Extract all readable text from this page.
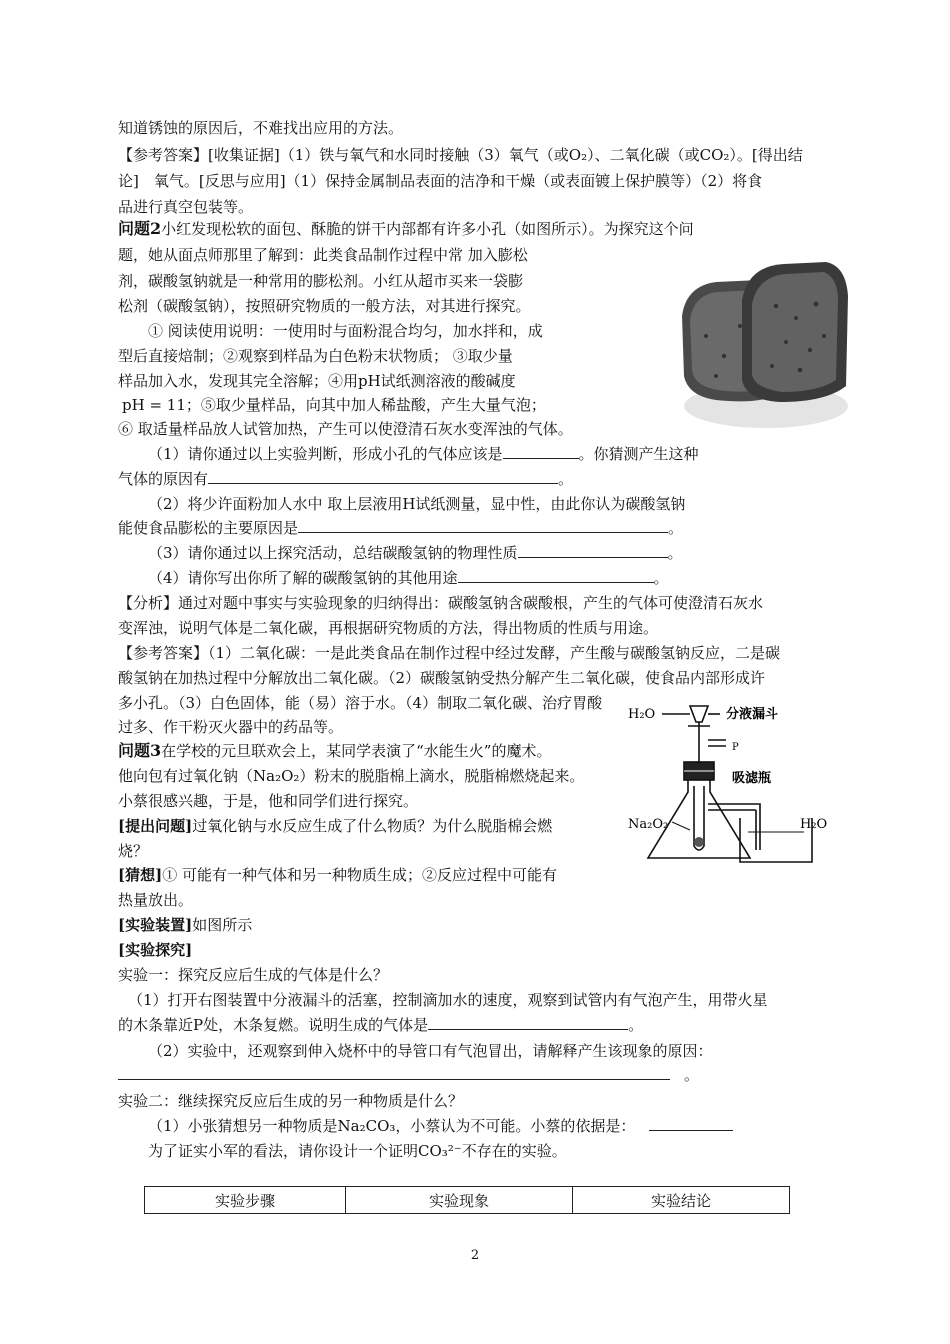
知道锈蚀的原因后，不难找出应用的方法。
【参考答案】[收集证据]（1）铁与氧气和水同时接触（3）氧气（或O₂）、二氧化碳（或CO₂）。[得出结
论]　氧气。[反思与应用]（1）保持金属制品表面的洁净和干燥（或表面镀上保护膜等）（2）将食
品进行真空包装等。
问题2小红发现松软的面包、酥脆的饼干内部都有许多小孔（如图所示）。为探究这个问
题，她从面点师那里了解到：此类食品制作过程中常 加入膨松
剂，碳酸氢钠就是一种常用的膨松剂。小红从超市买来一袋膨
松剂（碳酸氢钠），按照研究物质的一般方法，对其进行探究。
① 阅读使用说明：一使用时与面粉混合均匀，加水拌和，成
型后直接焙制；②观察到样品为白色粉末状物质； ③取少量
样品加入水，发现其完全溶解；④用pH试纸测溶液的酸碱度
pH = 11；⑤取少量样品，向其中加人稀盐酸，产生大量气泡；
⑥ 取适量样品放人试管加热，产生可以使澄清石灰水变浑浊的气体。
（1）请你通过以上实验判断，形成小孔的气体应该是	。你猜测产生这种
气体的原因有	。
（2）将少许面粉加人水中 取上层液用H试纸测量，显中性，由此你认为碳酸氢钠
能使食品膨松的主要原因是	。
（3）请你通过以上探究活动，总结碳酸氢钠的物理性质	。
（4）请你写出你所了解的碳酸氢钠的其他用途	。
【分析】通过对题中事实与实验现象的归纳得出：碳酸氢钠含碳酸根，产生的气体可使澄清石灰水
变浑浊，说明气体是二氧化碳，再根据研究物质的方法，得出物质的性质与用途。
【参考答案】（1）二氧化碳：一是此类食品在制作过程中经过发酵，产生酸与碳酸氢钠反应，二是碳
酸氢钠在加热过程中分解放出二氧化碳。（2）碳酸氢钠受热分解产生二氧化碳，使食品内部形成许
多小孔。（3）白色固体，能（易）溶于水。（4）制取二氧化碳、治疗胃酸
过多、作干粉灭火器中的药品等。
问题3在学校的元旦联欢会上，某同学表演了“水能生火”的魔术。
他向包有过氧化钠（Na₂O₂）粉末的脱脂棉上滴水，脱脂棉燃烧起来。
小蔡很感兴趣，于是，他和同学们进行探究。
[提出问题]过氧化钠与水反应生成了什么物质？为什么脱脂棉会燃
烧？
[猜想]① 可能有一种气体和另一种物质生成；②反应过程中可能有
热量放出。
[实验装置]如图所示
[实验探究]
实验一：探究反应后生成的气体是什么？
（1）打开右图装置中分液漏斗的活塞，控制滴加水的速度，观察到试管内有气泡产生，用带火星
的木条靠近P处，木条复燃。说明生成的气体是	。
（2）实验中，还观察到伸入烧杯中的导管口有气泡冒出，请解释产生该现象的原因：
。
实验二：继续探究反应后生成的另一种物质是什么？
（1）小张猜想另一种物质是Na₂CO₃，小蔡认为不可能。小蔡的依据是：
为了证实小军的看法，请你设计一个证明CO₃²⁻不存在的实验。
H₂O	分液漏斗
P
吸滤瓶
Na₂O₂	H₂O
实验步骤	实验现象	实验结论
2
